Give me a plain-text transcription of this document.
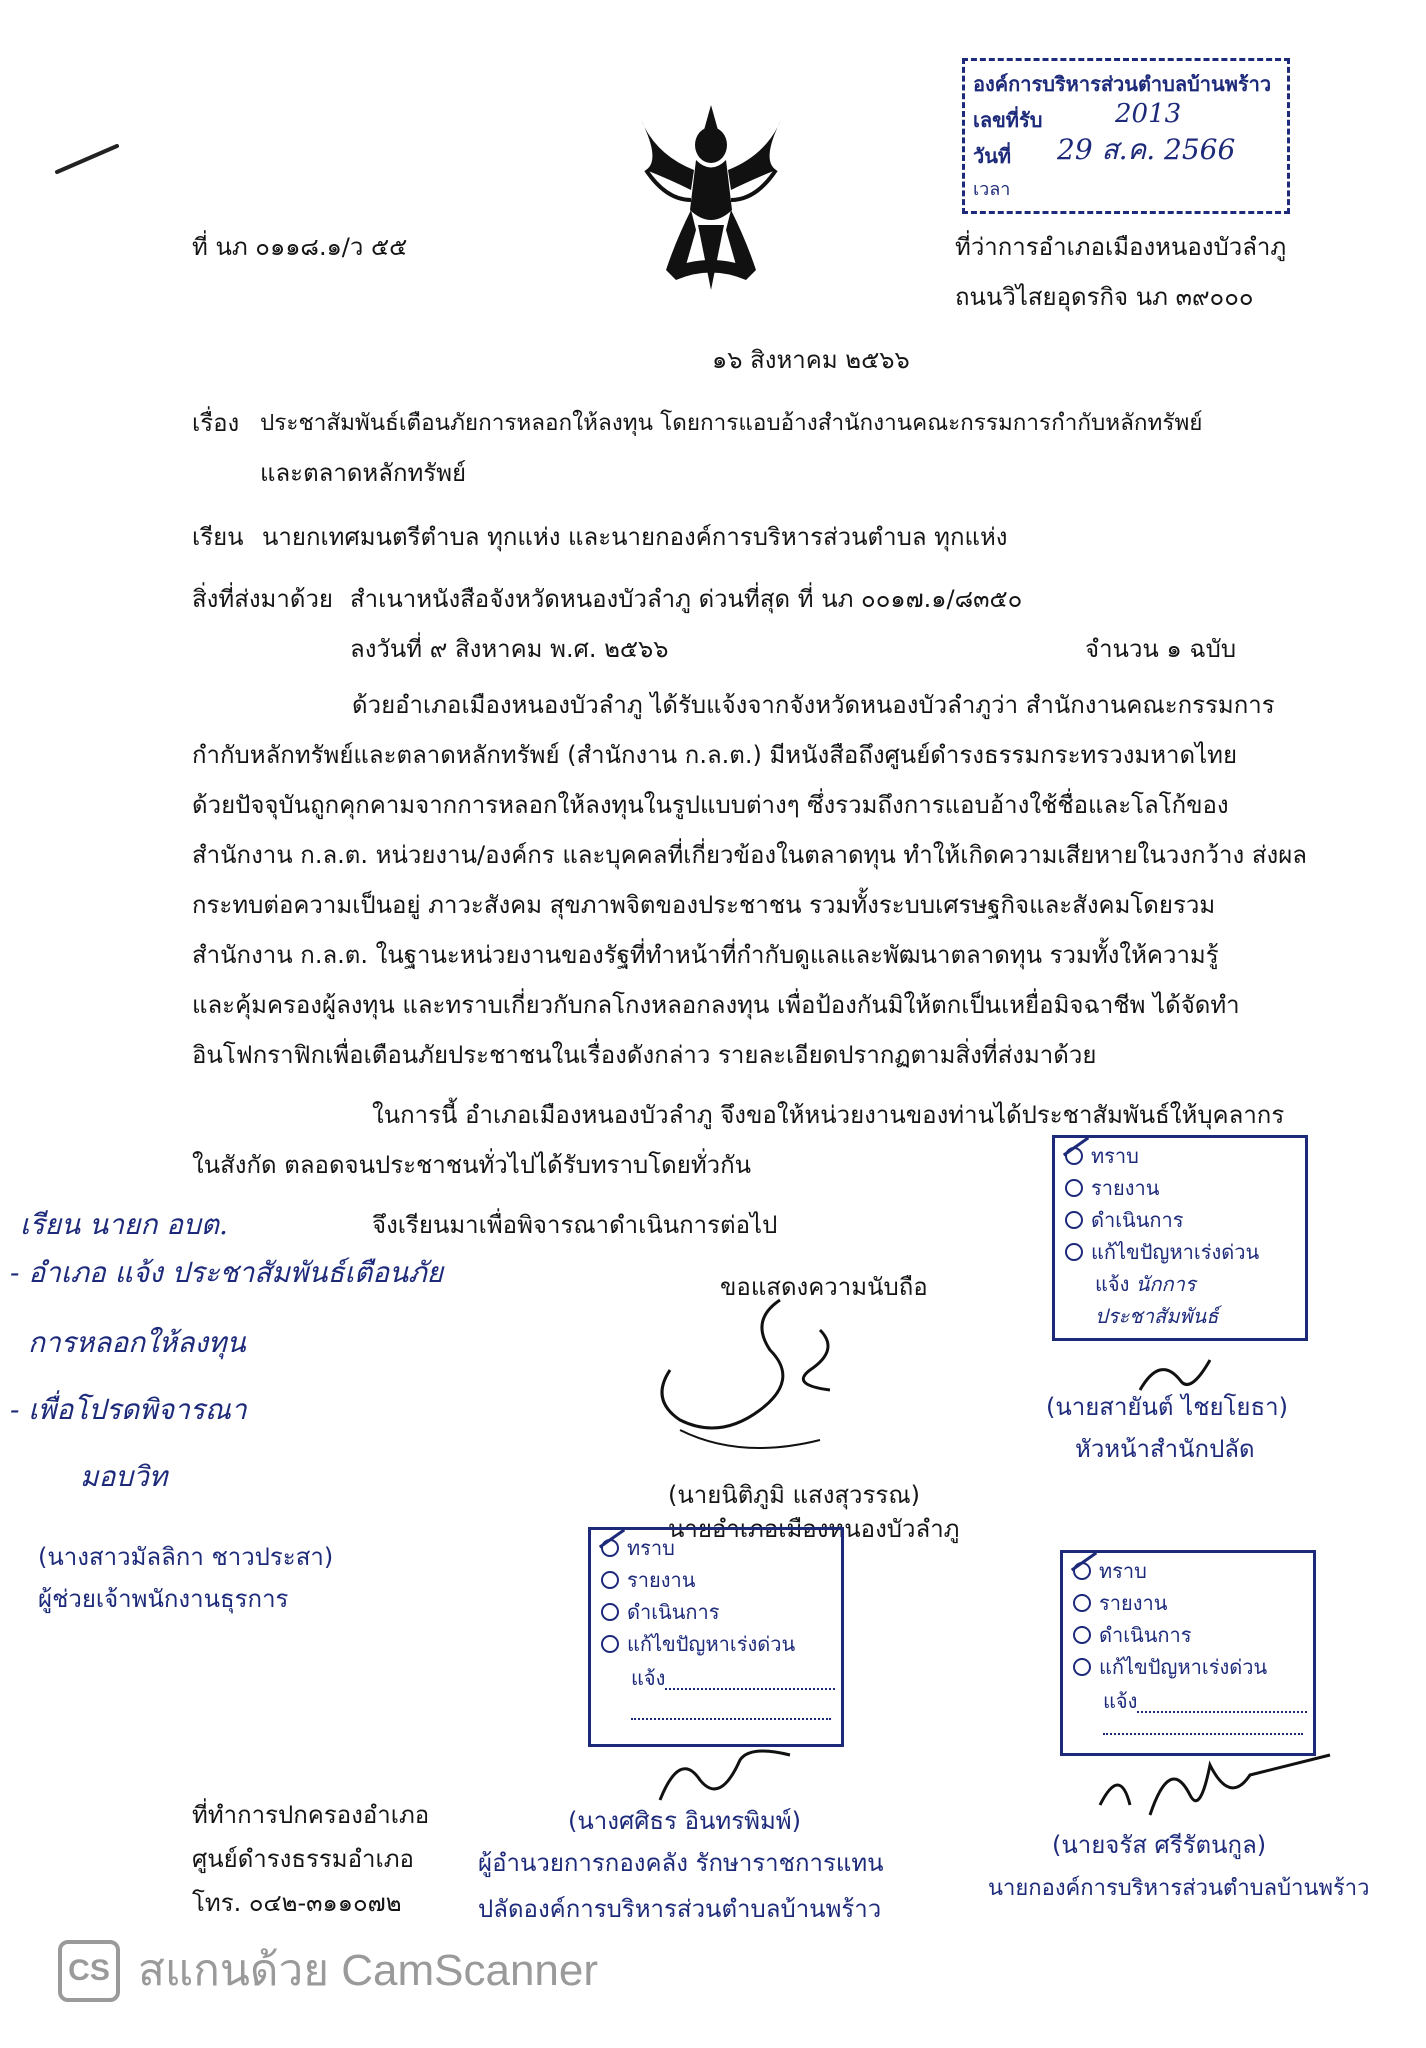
องค์การบริหารส่วนตำบลบ้านพร้าว
เลขที่รับ	2013
วันที่ 29 ส.ค. 2566
เวลา
ที่ นภ ๐๑๑๘.๑/ว ๕๕	ที่ว่าการอำเภอเมืองหนองบัวลำภู
ถนนวิไสยอุดรกิจ นภ ๓๙๐๐๐
๑๖ สิงหาคม ๒๕๖๖
เรื่อง ประชาสัมพันธ์เตือนภัยการหลอกให้ลงทุน โดยการแอบอ้างสำนักงานคณะกรรมการกำกับหลักทรัพย์
และตลาดหลักทรัพย์
เรียน นายกเทศมนตรีตำบล ทุกแห่ง และนายกองค์การบริหารส่วนตำบล ทุกแห่ง
สิ่งที่ส่งมาด้วย สำเนาหนังสือจังหวัดหนองบัวลำภู ด่วนที่สุด ที่ นภ ๐๐๑๗.๑/๘๓๕๐
ลงวันที่ ๙ สิงหาคม พ.ศ. ๒๕๖๖	จำนวน ๑ ฉบับ
ด้วยอำเภอเมืองหนองบัวลำภู ได้รับแจ้งจากจังหวัดหนองบัวลำภูว่า สำนักงานคณะกรรมการ
กำกับหลักทรัพย์และตลาดหลักทรัพย์ (สำนักงาน ก.ล.ต.) มีหนังสือถึงศูนย์ดำรงธรรมกระทรวงมหาดไทย
ด้วยปัจจุบันถูกคุกคามจากการหลอกให้ลงทุนในรูปแบบต่างๆ ซึ่งรวมถึงการแอบอ้างใช้ชื่อและโลโก้ของ
สำนักงาน ก.ล.ต. หน่วยงาน/องค์กร และบุคคลที่เกี่ยวข้องในตลาดทุน ทำให้เกิดความเสียหายในวงกว้าง ส่งผล
กระทบต่อความเป็นอยู่ ภาวะสังคม สุขภาพจิตของประชาชน รวมทั้งระบบเศรษฐกิจและสังคมโดยรวม
สำนักงาน ก.ล.ต. ในฐานะหน่วยงานของรัฐที่ทำหน้าที่กำกับดูแลและพัฒนาตลาดทุน รวมทั้งให้ความรู้
และคุ้มครองผู้ลงทุน และทราบเกี่ยวกับกลโกงหลอกลงทุน เพื่อป้องกันมิให้ตกเป็นเหยื่อมิจฉาชีพ ได้จัดทำ
อินโฟกราฟิกเพื่อเตือนภัยประชาชนในเรื่องดังกล่าว รายละเอียดปรากฏตามสิ่งที่ส่งมาด้วย
ในการนี้ อำเภอเมืองหนองบัวลำภู จึงขอให้หน่วยงานของท่านได้ประชาสัมพันธ์ให้บุคลากร
ในสังกัด ตลอดจนประชาชนทั่วไปได้รับทราบโดยทั่วกัน
จึงเรียนมาเพื่อพิจารณาดำเนินการต่อไป
ขอแสดงความนับถือ
(นายนิติภูมิ แสงสุวรรณ)
นายอำเภอเมืองหนองบัวลำภู
ทราบ
รายงาน
ดำเนินการ
แก้ไขปัญหาเร่งด่วน
แจ้ง นักการ
ประชาสัมพันธ์
(นายสายันต์ ไชยโยธา)
หัวหน้าสำนักปลัด
เรียน นายก อบต.
- อำเภอ แจ้ง ประชาสัมพันธ์เตือนภัย
การหลอกให้ลงทุน
- เพื่อโปรดพิจารณา
มอบวิท
(นางสาวมัลลิกา ชาวประสา)
ผู้ช่วยเจ้าพนักงานธุรการ
ทราบ
รายงาน
ดำเนินการ
แก้ไขปัญหาเร่งด่วน
แจ้ง
(นางศศิธร อินทรพิมพ์)
ผู้อำนวยการกองคลัง รักษาราชการแทน
ปลัดองค์การบริหารส่วนตำบลบ้านพร้าว
ทราบ
รายงาน
ดำเนินการ
แก้ไขปัญหาเร่งด่วน
แจ้ง
(นายจรัส ศรีรัตนกูล)
นายกองค์การบริหารส่วนตำบลบ้านพร้าว
ที่ทำการปกครองอำเภอ
ศูนย์ดำรงธรรมอำเภอ
โทร. ๐๔๒-๓๑๑๐๗๒
CS สแกนด้วย CamScanner
